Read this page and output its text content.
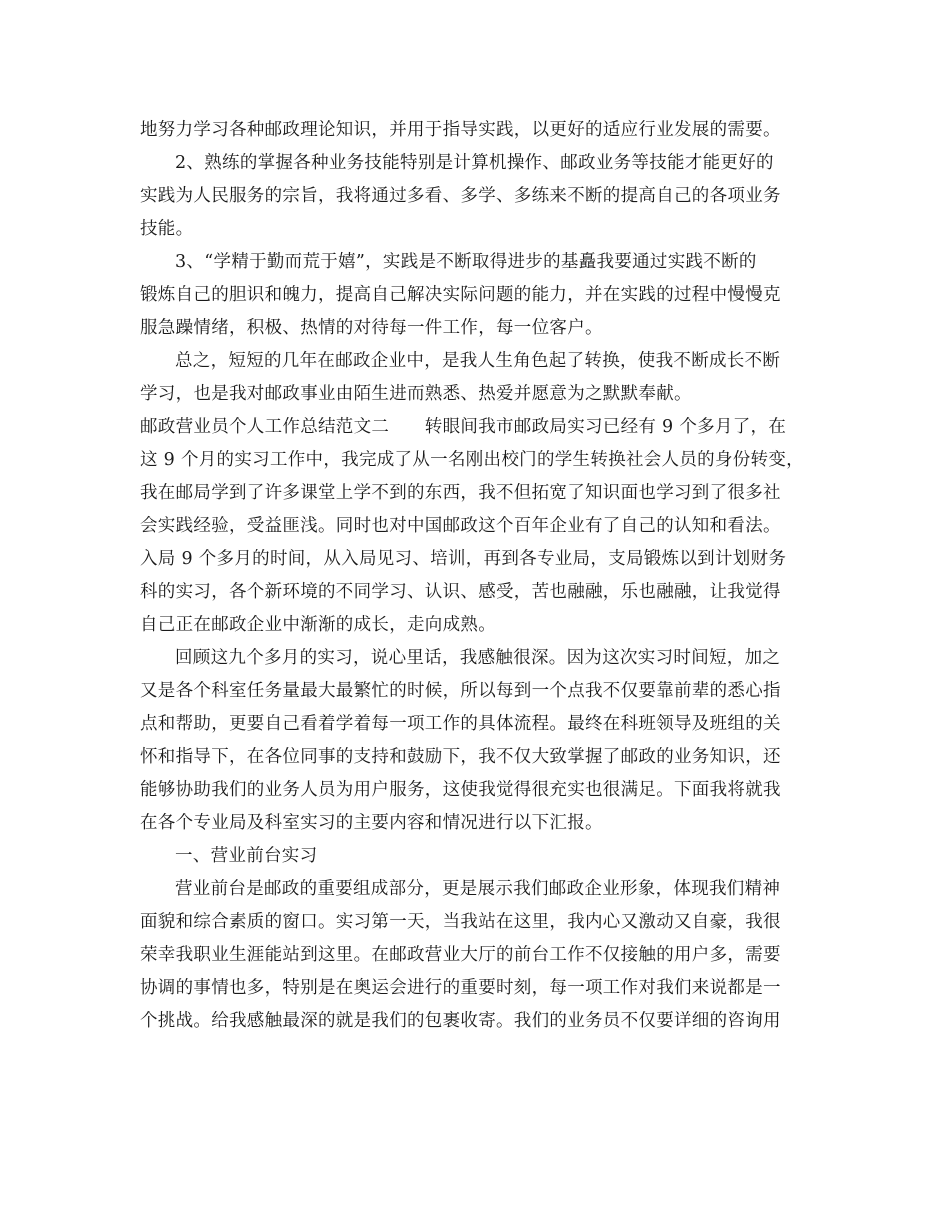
地努力学习各种邮政理论知识，并用于指导实践，以更好的适应行业发展的需要。
2、熟练的掌握各种业务技能特别是计算机操作、邮政业务等技能才能更好的
实践为人民服务的宗旨，我将通过多看、多学、多练来不断的提高自己的各项业务
技能。
3、“学精于勤而荒于嬉”，实践是不断取得进步的基矗我要通过实践不断的
锻炼自己的胆识和魄力，提高自己解决实际问题的能力，并在实践的过程中慢慢克
服急躁情绪，积极、热情的对待每一件工作，每一位客户。
总之，短短的几年在邮政企业中，是我人生角色起了转换，使我不断成长不断
学习，也是我对邮政事业由陌生进而熟悉、热爱并愿意为之默默奉献。
邮政营业员个人工作总结范文二　　转眼间我市邮政局实习已经有 9 个多月了，在
这 9 个月的实习工作中，我完成了从一名刚出校门的学生转换社会人员的身份转变，
我在邮局学到了许多课堂上学不到的东西，我不但拓宽了知识面也学习到了很多社
会实践经验，受益匪浅。同时也对中国邮政这个百年企业有了自己的认知和看法。
入局 9 个多月的时间，从入局见习、培训，再到各专业局，支局锻炼以到计划财务
科的实习，各个新环境的不同学习、认识、感受，苦也融融，乐也融融，让我觉得
自己正在邮政企业中渐渐的成长，走向成熟。
回顾这九个多月的实习，说心里话，我感触很深。因为这次实习时间短，加之
又是各个科室任务量最大最繁忙的时候，所以每到一个点我不仅要靠前辈的悉心指
点和帮助，更要自己看着学着每一项工作的具体流程。最终在科班领导及班组的关
怀和指导下，在各位同事的支持和鼓励下，我不仅大致掌握了邮政的业务知识，还
能够协助我们的业务人员为用户服务，这使我觉得很充实也很满足。下面我将就我
在各个专业局及科室实习的主要内容和情况进行以下汇报。
一、营业前台实习
营业前台是邮政的重要组成部分，更是展示我们邮政企业形象，体现我们精神
面貌和综合素质的窗口。实习第一天，当我站在这里，我内心又激动又自豪，我很
荣幸我职业生涯能站到这里。在邮政营业大厅的前台工作不仅接触的用户多，需要
协调的事情也多，特别是在奥运会进行的重要时刻，每一项工作对我们来说都是一
个挑战。给我感触最深的就是我们的包裹收寄。我们的业务员不仅要详细的咨询用
